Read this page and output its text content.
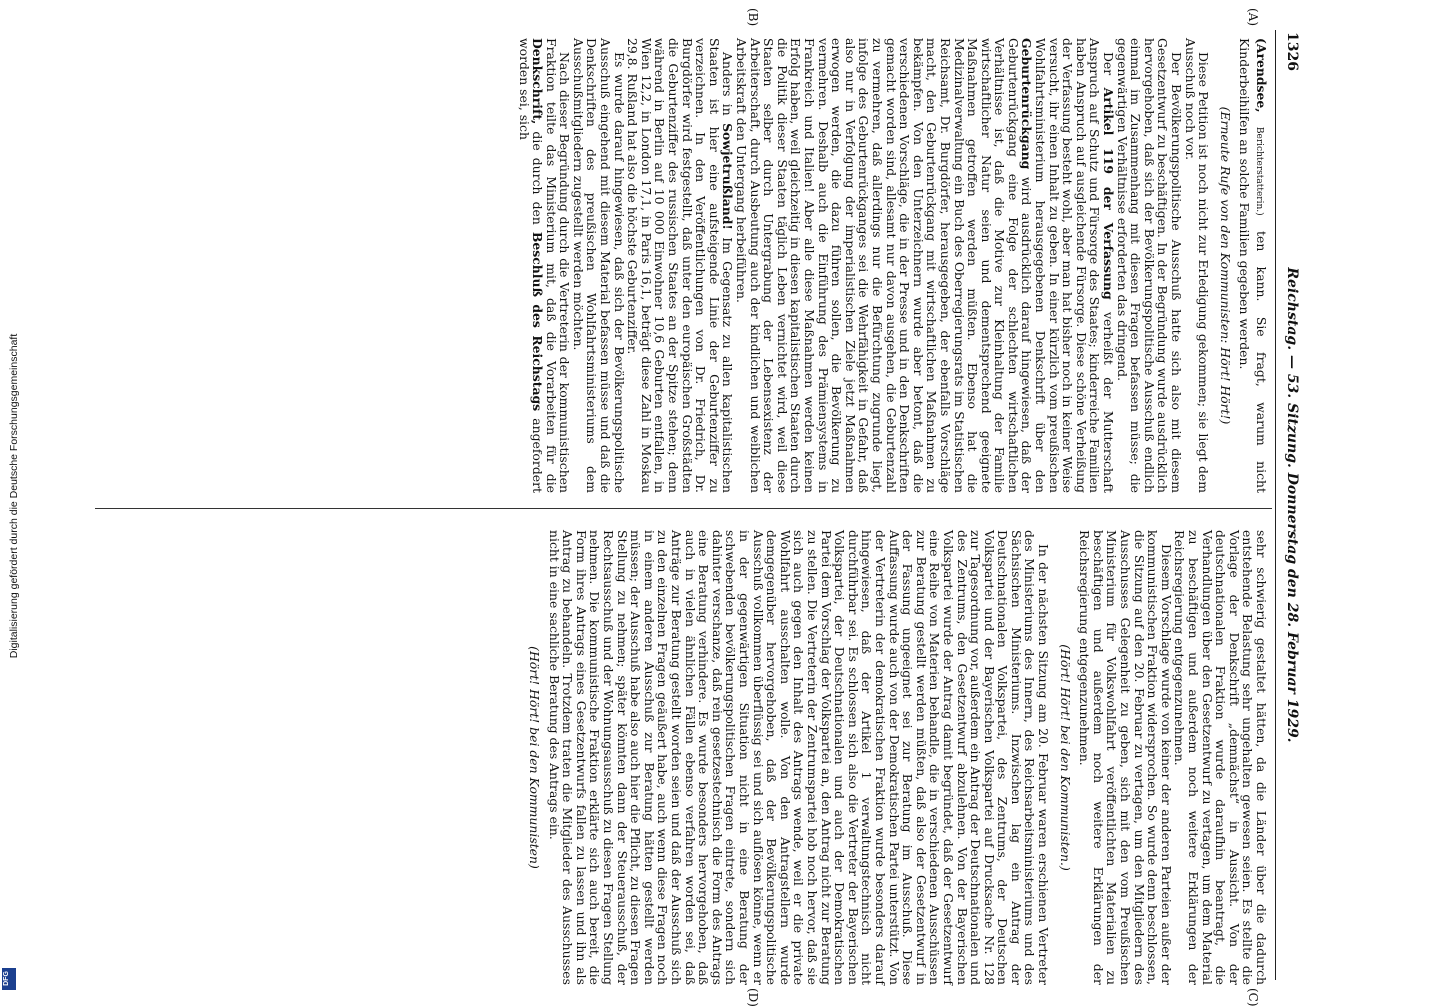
1326
Reichstag. — 53. Sitzung. Donnerstag den 28. Februar 1929.
(A)
(B)
(C)
(D)

(Arendsee, Berichterstatterin.) ten kann. Sie fragt, warum nicht Kinderbeihilfen an solche Familien gegeben werden.

(Erneute Rufe von den Kommunisten: Hört! Hört!)

Diese Petition ist noch nicht zur Erledigung gekommen; sie liegt dem Ausschuß noch vor.

Der Bevölkerungspolitische Ausschuß hatte sich also mit diesem Gesetzentwurf zu beschäftigen. In der Begründung wurde ausdrücklich hervorgehoben, daß sich der Bevölkerungspolitische Ausschuß endlich einmal im Zusammenhang mit diesen Fragen befassen müsse; die gegenwärtigen Verhältnisse erforderten das dringend.

Der Artikel 119 der Verfassung verheißt der Mutterschaft Anspruch auf Schutz und Fürsorge des Staates; kinderreiche Familien haben Anspruch auf ausgleichende Fürsorge. Diese schöne Verheißung der Verfassung besteht wohl, aber man hat bisher noch in keiner Weise versucht, ihr einen Inhalt zu geben. In einer kürzlich vom preußischen Wohlfahrtsministerium herausgegebenen Denkschrift über den Geburtenrückgang wird ausdrücklich darauf hingewiesen, daß der Geburtenrückgang eine Folge der schlechten wirtschaftlichen Verhältnisse ist, daß die Motive zur Kleinhaltung der Familie wirtschaftlicher Natur seien und dementsprechend geeignete Maßnahmen getroffen werden müßten. Ebenso hat die Medizinalverwaltung ein Buch des Oberregierungsrats im Statistischen Reichsamt, Dr. Burgdörfer, herausgegeben, der ebenfalls Vorschläge macht, den Geburtenrückgang mit wirtschaftlichen Maßnahmen zu bekämpfen. Von den Unterzeichnern wurde aber betont, daß die verschiedenen Vorschläge, die in der Presse und in den Denkschriften gemacht worden sind, allesamt nur davon ausgehen, die Geburtenzahl zu vermehren, daß allerdings nur die Befürchtung zugrunde liegt, infolge des Geburtenrückganges sei die Wehrfähigkeit in Gefahr, daß also nur in Verfolgung der imperialistischen Ziele jetzt Maßnahmen erwogen werden, die dazu führen sollen, die Bevölkerung zu vermehren. Deshalb auch die Einführung des Prämiensystems in Frankreich und Italien! Aber alle diese Maßnahmen werden keinen Erfolg haben, weil gleichzeitig in diesen kapitalistischen Staaten durch die Politik dieser Staaten täglich Leben vernichtet wird, weil diese Staaten selber durch Untergrabung der Lebensexistenz der Arbeiterschaft, durch Ausbeutung auch der kindlichen und weiblichen Arbeitskraft den Untergang herbeiführen.

Anders in Sowjetrußland! Im Gegensatz zu allen kapitalistischen Staaten ist hier eine aufsteigende Linie der Geburtenziffer zu verzeichnen. In den Veröffentlichungen von Dr. Friedrich, Dr. Burgdörfer wird festgestellt, daß unter den europäischen Großstädten die Geburtenziffer des russischen Staates an der Spitze stehen; denn während in Berlin auf 10 000 Einwohner 10,6 Geburten entfallen, in Wien 12,2, in London 17,1, in Paris 16,1, beträgt diese Zahl in Moskau 29,8. Rußland hat also die höchste Geburtenziffer.

Es wurde darauf hingewiesen, daß sich der Bevölkerungspolitische Ausschuß eingehend mit diesem Material befassen müsse und daß die Denkschriften des preußischen Wohlfahrtsministeriums dem Ausschußmitgliedern zugestellt werden möchten.

Nach dieser Begründung durch die Vertreterin der kommunistischen Fraktion teilte das Ministerium mit, daß die Vorarbeiten für die Denkschrift, die durch den Beschluß des Reichstags angefordert worden sei, sich

sehr schwierig gestaltet hätten, da die Länder über die dadurch entstehende Belastung sehr ungehalten gewesen seien. Es stellte die Vorlage der Denkschrift „demnächst“ in Aussicht. Von der deutschnationalen Fraktion wurde daraufhin beantragt, die Verhandlungen über den Gesetzentwurf zu vertagen, um dem Material zu beschäftigen und außerdem noch weitere Erklärungen der Reichsregierung entgegenzunehmen.

Diesem Vorschlage wurde von keiner der anderen Parteien außer der kommunistischen Fraktion widersprochen. So wurde denn beschlossen, die Sitzung auf den 20. Februar zu vertagen, um den Mitgliedern des Ausschusses Gelegenheit zu geben, sich mit den vom Preußischen Ministerium für Volkswohlfahrt veröffentlichten Materialien zu beschäftigen und außerdem noch weitere Erklärungen der Reichsregierung entgegenzunehmen.

(Hört! Hört! bei den Kommunisten.)

In der nächsten Sitzung am 20. Februar waren erschienen Vertreter des Ministeriums des Innern, des Reichsarbeitsministeriums und des Sächsischen Ministeriums. Inzwischen lag ein Antrag der Deutschnationalen Volkspartei, des Zentrums, der Deutschen Volkspartei und der Bayerischen Volkspartei auf Drucksache Nr. 128 zur Tagesordnung vor, außerdem ein Antrag der Deutschnationalen und des Zentrums, den Gesetzentwurf abzulehnen. Von der Bayerischen Volkspartei wurde der Antrag damit begründet, daß der Gesetzentwurf eine Reihe von Materien behandle, die in verschiedenen Ausschüssen zur Beratung gestellt werden müßten, daß also der Gesetzentwurf in der Fassung ungeeignet sei zur Beratung im Ausschuß. Diese Auffassung wurde auch von der Demokratischen Partei unterstützt. Von der Vertreterin der demokratischen Fraktion wurde besonders darauf hingewiesen, daß der Artikel 1 verwaltungstechnisch nicht durchführbar sei. Es schlossen sich also die Vertreter der Bayerischen Volkspartei, der Deutschnationalen und auch der Demokratischen Partei dem Vorschlag der Volkspartei an, den Antrag nicht zur Beratung zu stellen. Die Vertreterin der Zentrumspartei hob noch hervor, daß sie sich auch gegen den Inhalt des Antrags wende, weil er die private Wohlfahrt ausschalten wolle. Von den Antragstellern wurde demgegenüber hervorgehoben, daß der Bevölkerungspolitische Ausschuß vollkommen überflüssig sei und sich auflösen könne, wenn er in der gegenwärtigen Situation nicht in eine Beratung der schwebenden bevölkerungspolitischen Fragen eintrete, sondern sich dahinter verschanze, daß rein gesetzestechnisch die Form des Antrags eine Beratung verhindere. Es wurde besonders hervorgehoben, daß auch in vielen ähnlichen Fällen ebenso verfahren worden sei, daß Anträge zur Beratung gestellt worden seien und daß der Ausschuß sich zu den einzelnen Fragen geäußert habe, auch wenn diese Fragen noch in einem anderen Ausschuß zur Beratung hätten gestellt werden müssen; der Ausschuß habe also auch hier die Pflicht, zu diesen Fragen Stellung zu nehmen; später könnten dann der Steuerausschuß, der Rechtsausschuß und der Wohnungsausschuß zu diesen Fragen Stellung nehmen. Die kommunistische Fraktion erklärte sich auch bereit, die Form ihres Antrags eines Gesetzentwurfs fallen zu lassen und ihn als Antrag zu behandeln. Trotzdem traten die Mitglieder des Ausschusses nicht in eine sachliche Beratung des Antrags ein.

(Hört! Hört! bei den Kommunisten)

Digitalisierung gefördert durch die Deutsche Forschungsgemeinschaft
DFG
